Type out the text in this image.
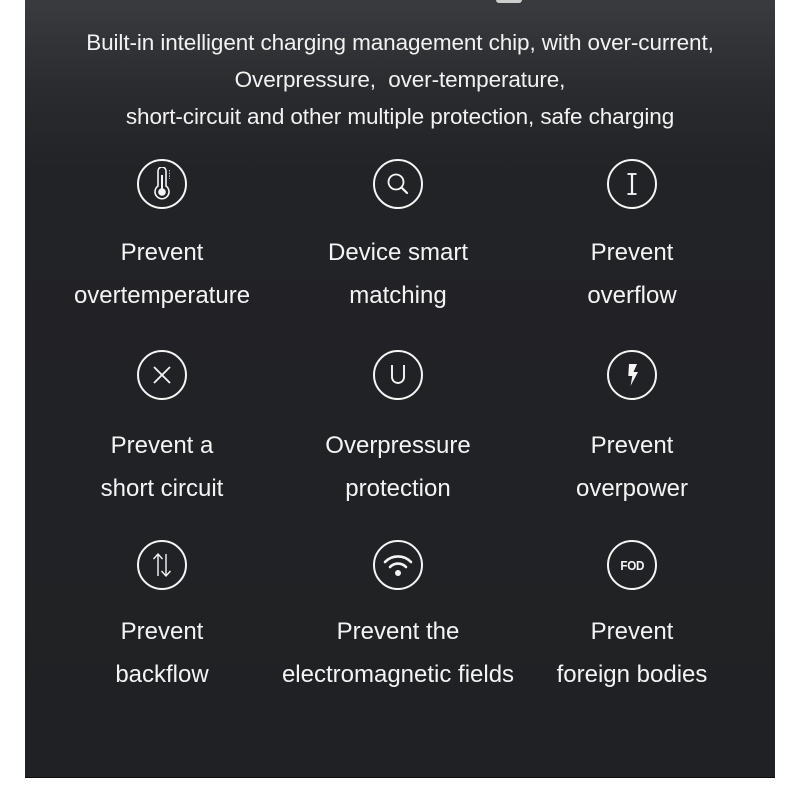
Built-in intelligent charging management chip, with over-current,
Overpressure,  over-temperature,
short-circuit and other multiple protection, safe charging
Prevent
overtemperature
Device smart
matching
Prevent
overflow
Prevent a
short circuit
Overpressure
protection
Prevent
overpower
Prevent
backflow
Prevent the
electromagnetic fields
FOD
Prevent
foreign bodies
